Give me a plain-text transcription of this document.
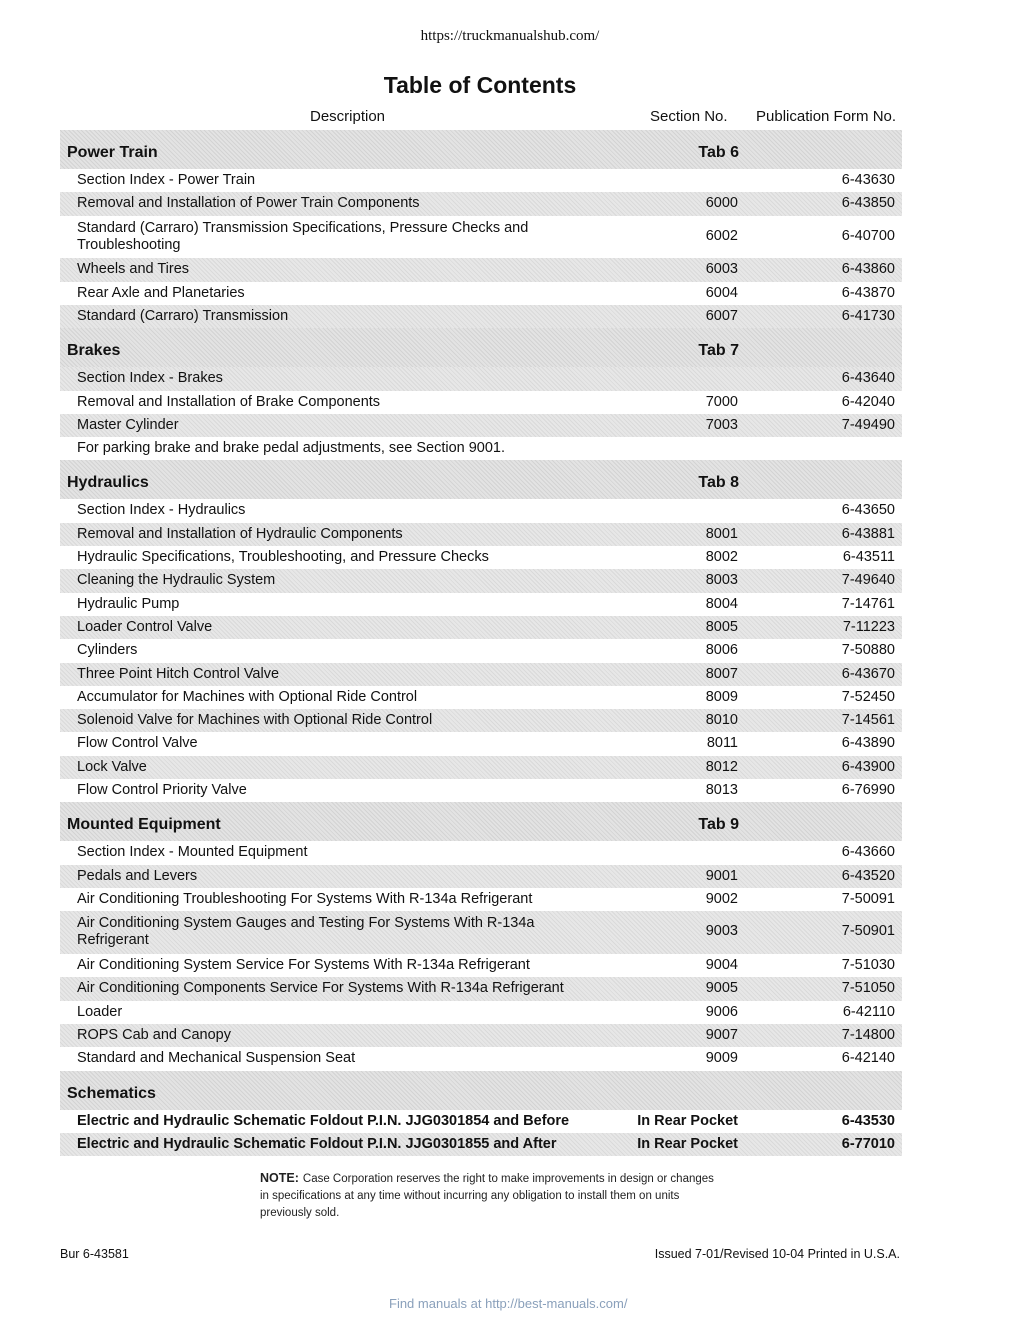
https://truckmanualshub.com/
Table of Contents
Description	Section No. Publication Form No.
Power Train	Tab 6
Section Index - Power Train	6-43630
Removal and Installation of Power Train Components	6000	6-43850
Standard (Carraro) Transmission Specifications, Pressure Checks and Troubleshooting
6002	6-40700
Wheels and Tires	6003	6-43860
Rear Axle and Planetaries	6004	6-43870
Standard (Carraro) Transmission	6007	6-41730
Brakes	Tab 7
Section Index - Brakes	6-43640
Removal and Installation of Brake Components	7000	6-42040
Master Cylinder	7003	7-49490
For parking brake and brake pedal adjustments, see Section 9001.
Hydraulics	Tab 8
Section Index - Hydraulics	6-43650
Removal and Installation of Hydraulic Components	8001	6-43881
Hydraulic Specifications, Troubleshooting, and Pressure Checks	8002	6-43511
Cleaning the Hydraulic System	8003	7-49640
Hydraulic Pump	8004	7-14761
Loader Control Valve	8005	7-11223
Cylinders	8006	7-50880
Three Point Hitch Control Valve	8007	6-43670
Accumulator for Machines with Optional Ride Control	8009	7-52450
Solenoid Valve for Machines with Optional Ride Control	8010	7-14561
Flow Control Valve	8011	6-43890
Lock Valve	8012	6-43900
Flow Control Priority Valve	8013	6-76990
Mounted Equipment	Tab 9
Section Index - Mounted Equipment	6-43660
Pedals and Levers	9001	6-43520
Air Conditioning Troubleshooting For Systems With R-134a Refrigerant	9002	7-50091
Air Conditioning System Gauges and Testing For Systems With R-134a Refrigerant
9003	7-50901
Air Conditioning System Service For Systems With R-134a Refrigerant	9004	7-51030
Air Conditioning Components Service For Systems With R-134a Refrigerant	9005	7-51050
Loader	9006	6-42110
ROPS Cab and Canopy	9007	7-14800
Standard and Mechanical Suspension Seat	9009	6-42140
Schematics
Electric and Hydraulic Schematic Foldout P.I.N. JJG0301854 and Before	In Rear Pocket	6-43530
Electric and Hydraulic Schematic Foldout P.I.N. JJG0301855 and After	In Rear Pocket	6-77010
NOTE: Case Corporation reserves the right to make improvements in design or changes in specifications at any time without incurring any obligation to install them on units previously sold.
Bur 6-43581	Issued 7-01/Revised 10-04 Printed in U.S.A.
Find manuals at http://best-manuals.com/
